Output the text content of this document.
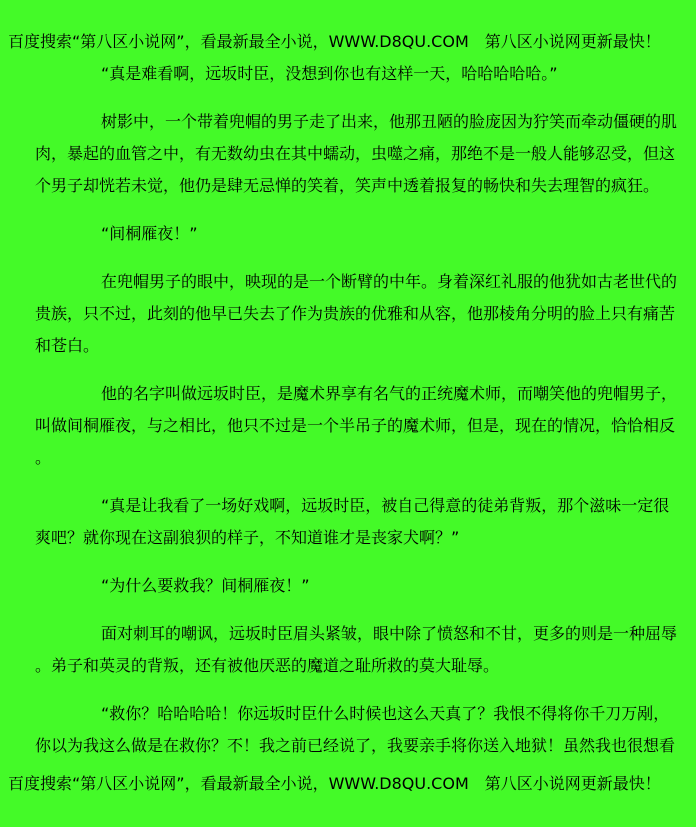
百度搜索“第八区小说网”，看最新最全小说，WWW.D8QU.COM　第八区小说网更新最快！

“真是难看啊，远坂时臣，没想到你也有这样一天，哈哈哈哈哈。”

树影中，一个带着兜帽的男子走了出来，他那丑陋的脸庞因为狞笑而牵动僵硬的肌肉，暴起的血管之中，有无数幼虫在其中蠕动，虫噬之痛，那绝不是一般人能够忍受，但这个男子却恍若未觉，他仍是肆无忌惮的笑着，笑声中透着报复的畅快和失去理智的疯狂。

“间桐雁夜！”

在兜帽男子的眼中，映现的是一个断臂的中年。身着深红礼服的他犹如古老世代的贵族，只不过，此刻的他早已失去了作为贵族的优雅和从容，他那棱角分明的脸上只有痛苦和苍白。

他的名字叫做远坂时臣，是魔术界享有名气的正统魔术师，而嘲笑他的兜帽男子，叫做间桐雁夜，与之相比，他只不过是一个半吊子的魔术师，但是，现在的情况，恰恰相反。

“真是让我看了一场好戏啊，远坂时臣，被自己得意的徒弟背叛，那个滋味一定很爽吧？就你现在这副狼狈的样子，不知道谁才是丧家犬啊？”

“为什么要救我？间桐雁夜！”

面对刺耳的嘲讽，远坂时臣眉头紧皱，眼中除了愤怒和不甘，更多的则是一种屈辱。弟子和英灵的背叛，还有被他厌恶的魔道之耻所救的莫大耻辱。

“救你？哈哈哈哈！你远坂时臣什么时候也这么天真了？我恨不得将你千刀万剐，你以为我这么做是在救你？不！我之前已经说了，我要亲手将你送入地狱！虽然我也很想看

百度搜索“第八区小说网”，看最新最全小说，WWW.D8QU.COM　第八区小说网更新最快！
